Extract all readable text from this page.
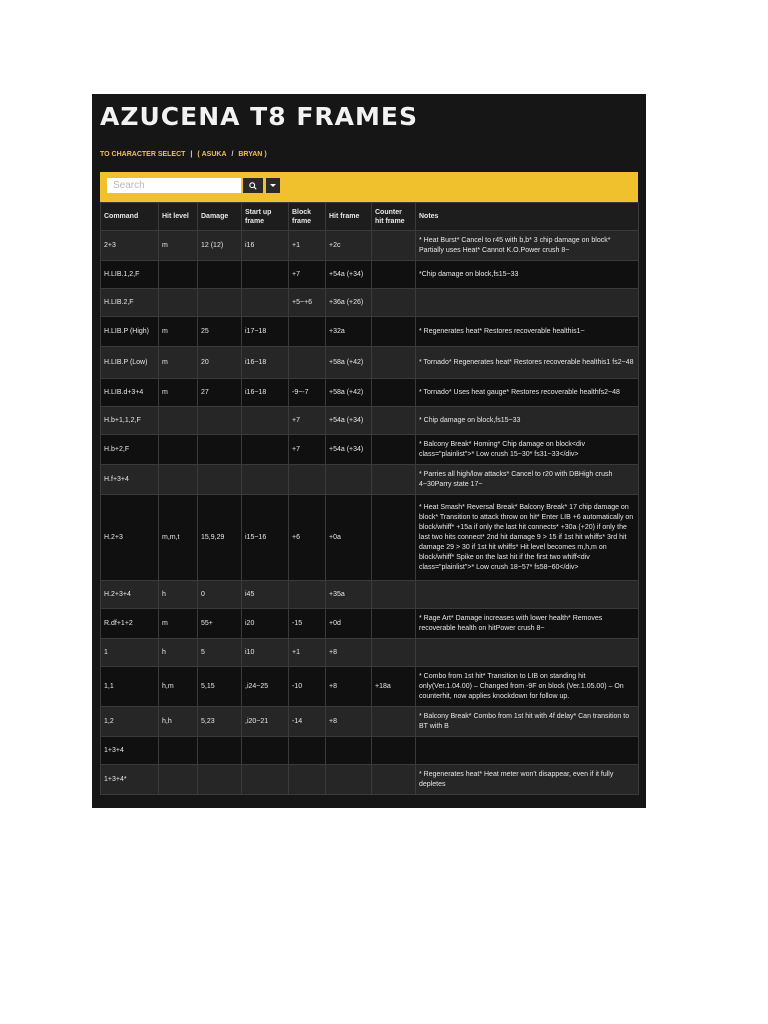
AZUCENA T8 FRAMES
TO CHARACTER SELECT | ( ASUKA / BRYAN )
Search
Command	Hit level	Damage	Start up frame	Block frame	Hit frame	Counter hit frame	Notes
2+3	m	12 (12)	i16	+1	+2c		* Heat Burst* Cancel to r45 with b,b* 3 chip damage on block* Partially uses Heat* Cannot K.O.Power crush 8~
H.LIB.1,2,F				+7	+54a (+34)		*Chip damage on block,fs15~33
H.LIB.2,F				+5~+6	+36a (+26)		
H.LIB.P (High)	m	25	i17~18		+32a		* Regenerates heat* Restores recoverable healthis1~
H.LIB.P (Low)	m	20	i16~18		+58a (+42)		* Tornado* Regenerates heat* Restores recoverable healthis1 fs2~48
H.LIB.d+3+4	m	27	i16~18	-9~-7	+58a (+42)		* Tornado* Uses heat gauge* Restores recoverable healthfs2~48
H.b+1,1,2,F				+7	+54a (+34)		* Chip damage on block,fs15~33
H.b+2,F				+7	+54a (+34)		* Balcony Break* Homing* Chip damage on block<div class="plainlist">* Low crush 15~30* fs31~33</div>
H.f+3+4							* Parries all high/low attacks* Cancel to r20 with DBHigh crush 4~30Parry state 17~
H.2+3	m,m,t	15,9,29	i15~16	+6	+0a		* Heat Smash* Reversal Break* Balcony Break* 17 chip damage on block* Transition to attack throw on hit* Enter LIB +6 automatically on block/whiff* +15a if only the last hit connects* +30a (+20) if only the last two hits connect* 2nd hit damage 9 > 15 if 1st hit whiffs* 3rd hit damage 29 > 30 if 1st hit whiffs* Hit level becomes m,h,m on block/whiff* Spike on the last hit if the first two whiff<div class="plainlist">* Low crush 18~57* fs58~60</div>
H.2+3+4	h	0	i45		+35a		
R.df+1+2	m	55+	i20	-15	+0d		* Rage Art* Damage increases with lower health* Removes recoverable health on hitPower crush 8~
1	h	5	i10	+1	+8		
1,1	h,m	5,15	,i24~25	-10	+8	+18a	* Combo from 1st hit* Transition to LIB on standing hit only(Ver.1.04.00) – Changed from -9F on block (Ver.1.05.00) – On counterhit, now applies knockdown for follow up.
1,2	h,h	5,23	,i20~21	-14	+8		* Balcony Break* Combo from 1st hit with 4f delay* Can transition to BT with B
1+3+4							
1+3+4*							* Regenerates heat* Heat meter won't disappear, even if it fully depletes
